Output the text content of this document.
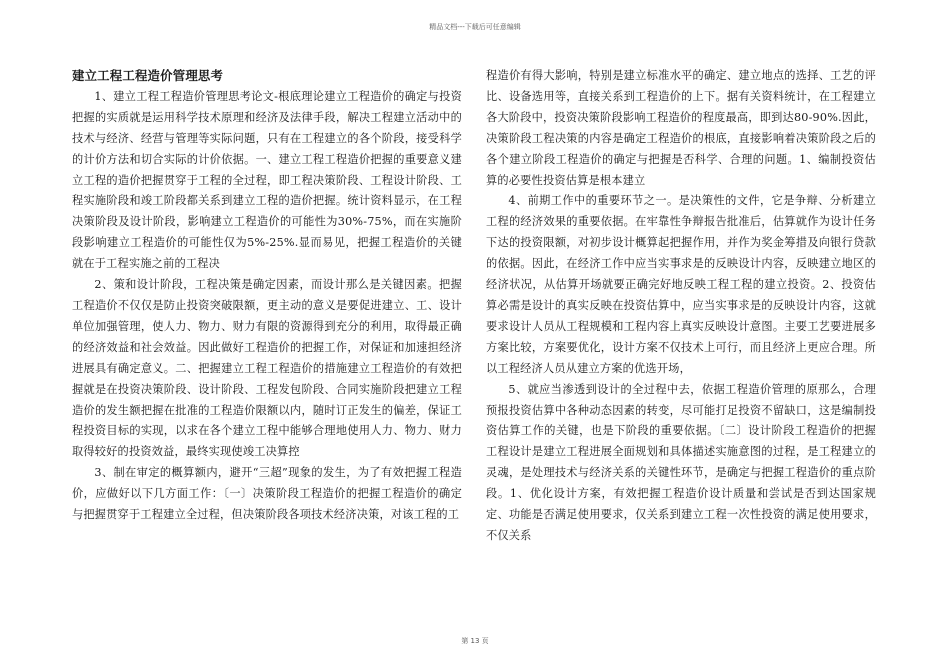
精品文档---下载后可任意编辑

建立工程工程造价管理思考

1、建立工程工程造价管理思考论文-根底理论建立工程造价的确定与投资把握的实质就是运用科学技术原理和经济及法律手段，解决工程建立活动中的技术与经济、经营与管理等实际问题，只有在工程建立的各个阶段，接受科学的计价方法和切合实际的计价依据。一、建立工程工程造价把握的重要意义建立工程的造价把握贯穿于工程的全过程，即工程决策阶段、工程设计阶段、工程实施阶段和竣工阶段都关系到建立工程的造价把握。统计资料显示，在工程决策阶段及设计阶段，影响建立工程造价的可能性为30%-75%，而在实施阶段影响建立工程造价的可能性仅为5%-25%.显而易见，把握工程造价的关键就在于工程实施之前的工程决

2、策和设计阶段，工程决策是确定因素，而设计那么是关键因素。把握工程造价不仅仅是防止投资突破限额，更主动的意义是要促进建立、工、设计单位加强管理，使人力、物力、财力有限的资源得到充分的利用，取得最正确的经济效益和社会效益。因此做好工程造价的把握工作，对保证和加速担经济进展具有确定意义。二、把握建立工程工程造价的措施建立工程造价的有效把握就是在投资决策阶段、设计阶段、工程发包阶段、合同实施阶段把建立工程造价的发生额把握在批准的工程造价限额以内，随时订正发生的偏差，保证工程投资目标的实现，以求在各个建立工程中能够合理地使用人力、物力、财力取得较好的投资效益，最终实现使竣工决算控

3、制在审定的概算额内，避开“三超”现象的发生，为了有效把握工程造价，应做好以下几方面工作：〔一〕决策阶段工程造价的把握工程造价的确定与把握贯穿于工程建立全过程，但决策阶段各项技术经济决策，对该工程的工

程造价有得大影响，特别是建立标准水平的确定、建立地点的选择、工艺的评比、设备选用等，直接关系到工程造价的上下。据有关资料统计，在工程建立各大阶段中，投资决策阶段影响工程造价的程度最高，即到达80-90%.因此，决策阶段工程决策的内容是确定工程造价的根底，直接影响着决策阶段之后的各个建立阶段工程造价的确定与把握是否科学、合理的问题。1、编制投资估算的必要性投资估算是根本建立

4、前期工作中的重要环节之一。是决策性的文件，它是争辩、分析建立工程的经济效果的重要依据。在牢靠性争辩报告批准后，估算就作为设计任务下达的投资限额，对初步设计概算起把握作用，并作为奖金筹措及向银行贷款的依据。因此，在经济工作中应当实事求是的反映设计内容，反映建立地区的经济状况，从估算开场就要正确完好地反映工程工程的建立投资。2、投资估算必需是设计的真实反映在投资估算中，应当实事求是的反映设计内容，这就要求设计人员从工程规模和工程内容上真实反映设计意图。主要工艺要进展多方案比较，方案要优化，设计方案不仅技术上可行，而且经济上更应合理。所以工程经济人员从建立方案的优选开场，

5、就应当渗透到设计的全过程中去，依据工程造价管理的原那么，合理预报投资估算中各种动态因素的转变，尽可能打足投资不留缺口，这是编制投资估算工作的关键，也是下阶段的重要依据。〔二〕设计阶段工程造价的把握工程设计是建立工程进展全面规划和具体描述实施意图的过程，是工程建立的灵魂，是处理技术与经济关系的关键性环节，是确定与把握工程造价的重点阶段。1、优化设计方案，有效把握工程造价设计质量和尝试是否到达国家规定、功能是否满足使用要求，仅关系到建立工程一次性投资的满足使用要求，不仅关系

第 13 页
